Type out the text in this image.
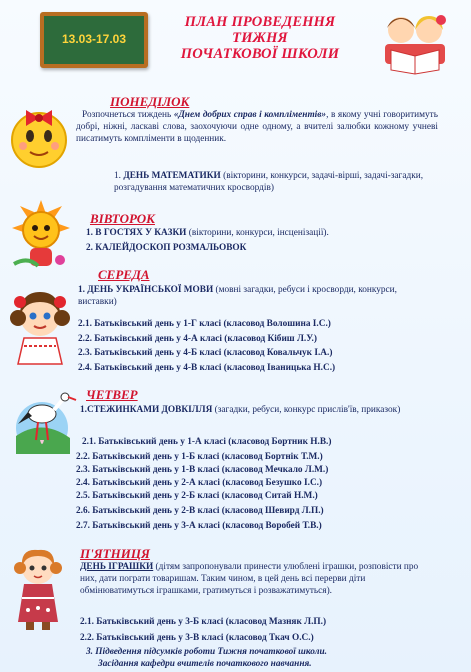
13.03-17.03
ПЛАН ПРОВЕДЕННЯ
ТИЖНЯ
ПОЧАТКОВОЇ ШКОЛИ
ПОНЕДІЛОК
Розпочнеться тиждень «Днем добрих справ і компліментів», в якому учні говоритимуть добрі, ніжні, ласкаві слова, заохочуючи одне одному, а вчителі залюбки кожному учневі писатимуть компліменти в щоденник.
1. ДЕНЬ МАТЕМАТИКИ (вікторини, конкурси, задачі-вірші, задачі-загадки, розгадування математичних кросвордів)
ВІВТОРОК
1. В ГОСТЯХ У КАЗКИ (вікторини, конкурси, інсценізації).
2. КАЛЕЙДОСКОП РОЗМАЛЬОВОК
СЕРЕДА
1. ДЕНЬ УКРАЇНСЬКОЇ МОВИ (мовні загадки, ребуси і кросворди, конкурси, виставки)
2.1. Батьківський день у 1-Г класі (класовод Волошина І.С.)
2.2. Батьківський день у 4-А класі (класовод Кібиш Л.У.)
2.3. Батьківський день у 4-Б класі (класовод Ковальчук І.А.)
2.4. Батьківський день у 4-В класі (класовод Іваницька Н.С.)
ЧЕТВЕР
1.СТЕЖИНКАМИ ДОВКІЛЛЯ (загадки, ребуси, конкурс прислів'їв, приказок)
2.1. Батьківський день у 1-А класі (класовод Бортник Н.В.)
2.2. Батьківський день у 1-Б класі (класовод Бортнік Т.М.)
2.3. Батьківський день у 1-В класі (класовод Мечкало Л.М.)
2.4. Батьківський день у 2-А класі (класовод Безушко І.С.)
2.5. Батьківський день у 2-Б класі (класовод Ситай Н.М.)
2.6. Батьківський день у 2-В класі (класовод Шевирд Л.П.)
2.7. Батьківський день у 3-А класі (класовод Воробей Т.В.)
П'ЯТНИЦЯ
ДЕНЬ ІГРАШКИ (дітям запропонували принести улюблені іграшки, розповісти про них, дати пограти товаришам. Таким чином, в цей день всі перерви діти обмінюватимуться іграшками, гратимуться і розважатимуться).
2.1. Батьківський день у 3-Б класі (класовод Мазняк Л.П.)
2.2. Батьківський день у 3-В класі (класовод Ткач О.С.)
3. Підведення підсумків роботи Тижня початкової школи.
Засідання кафедри вчителів початкового навчання.
